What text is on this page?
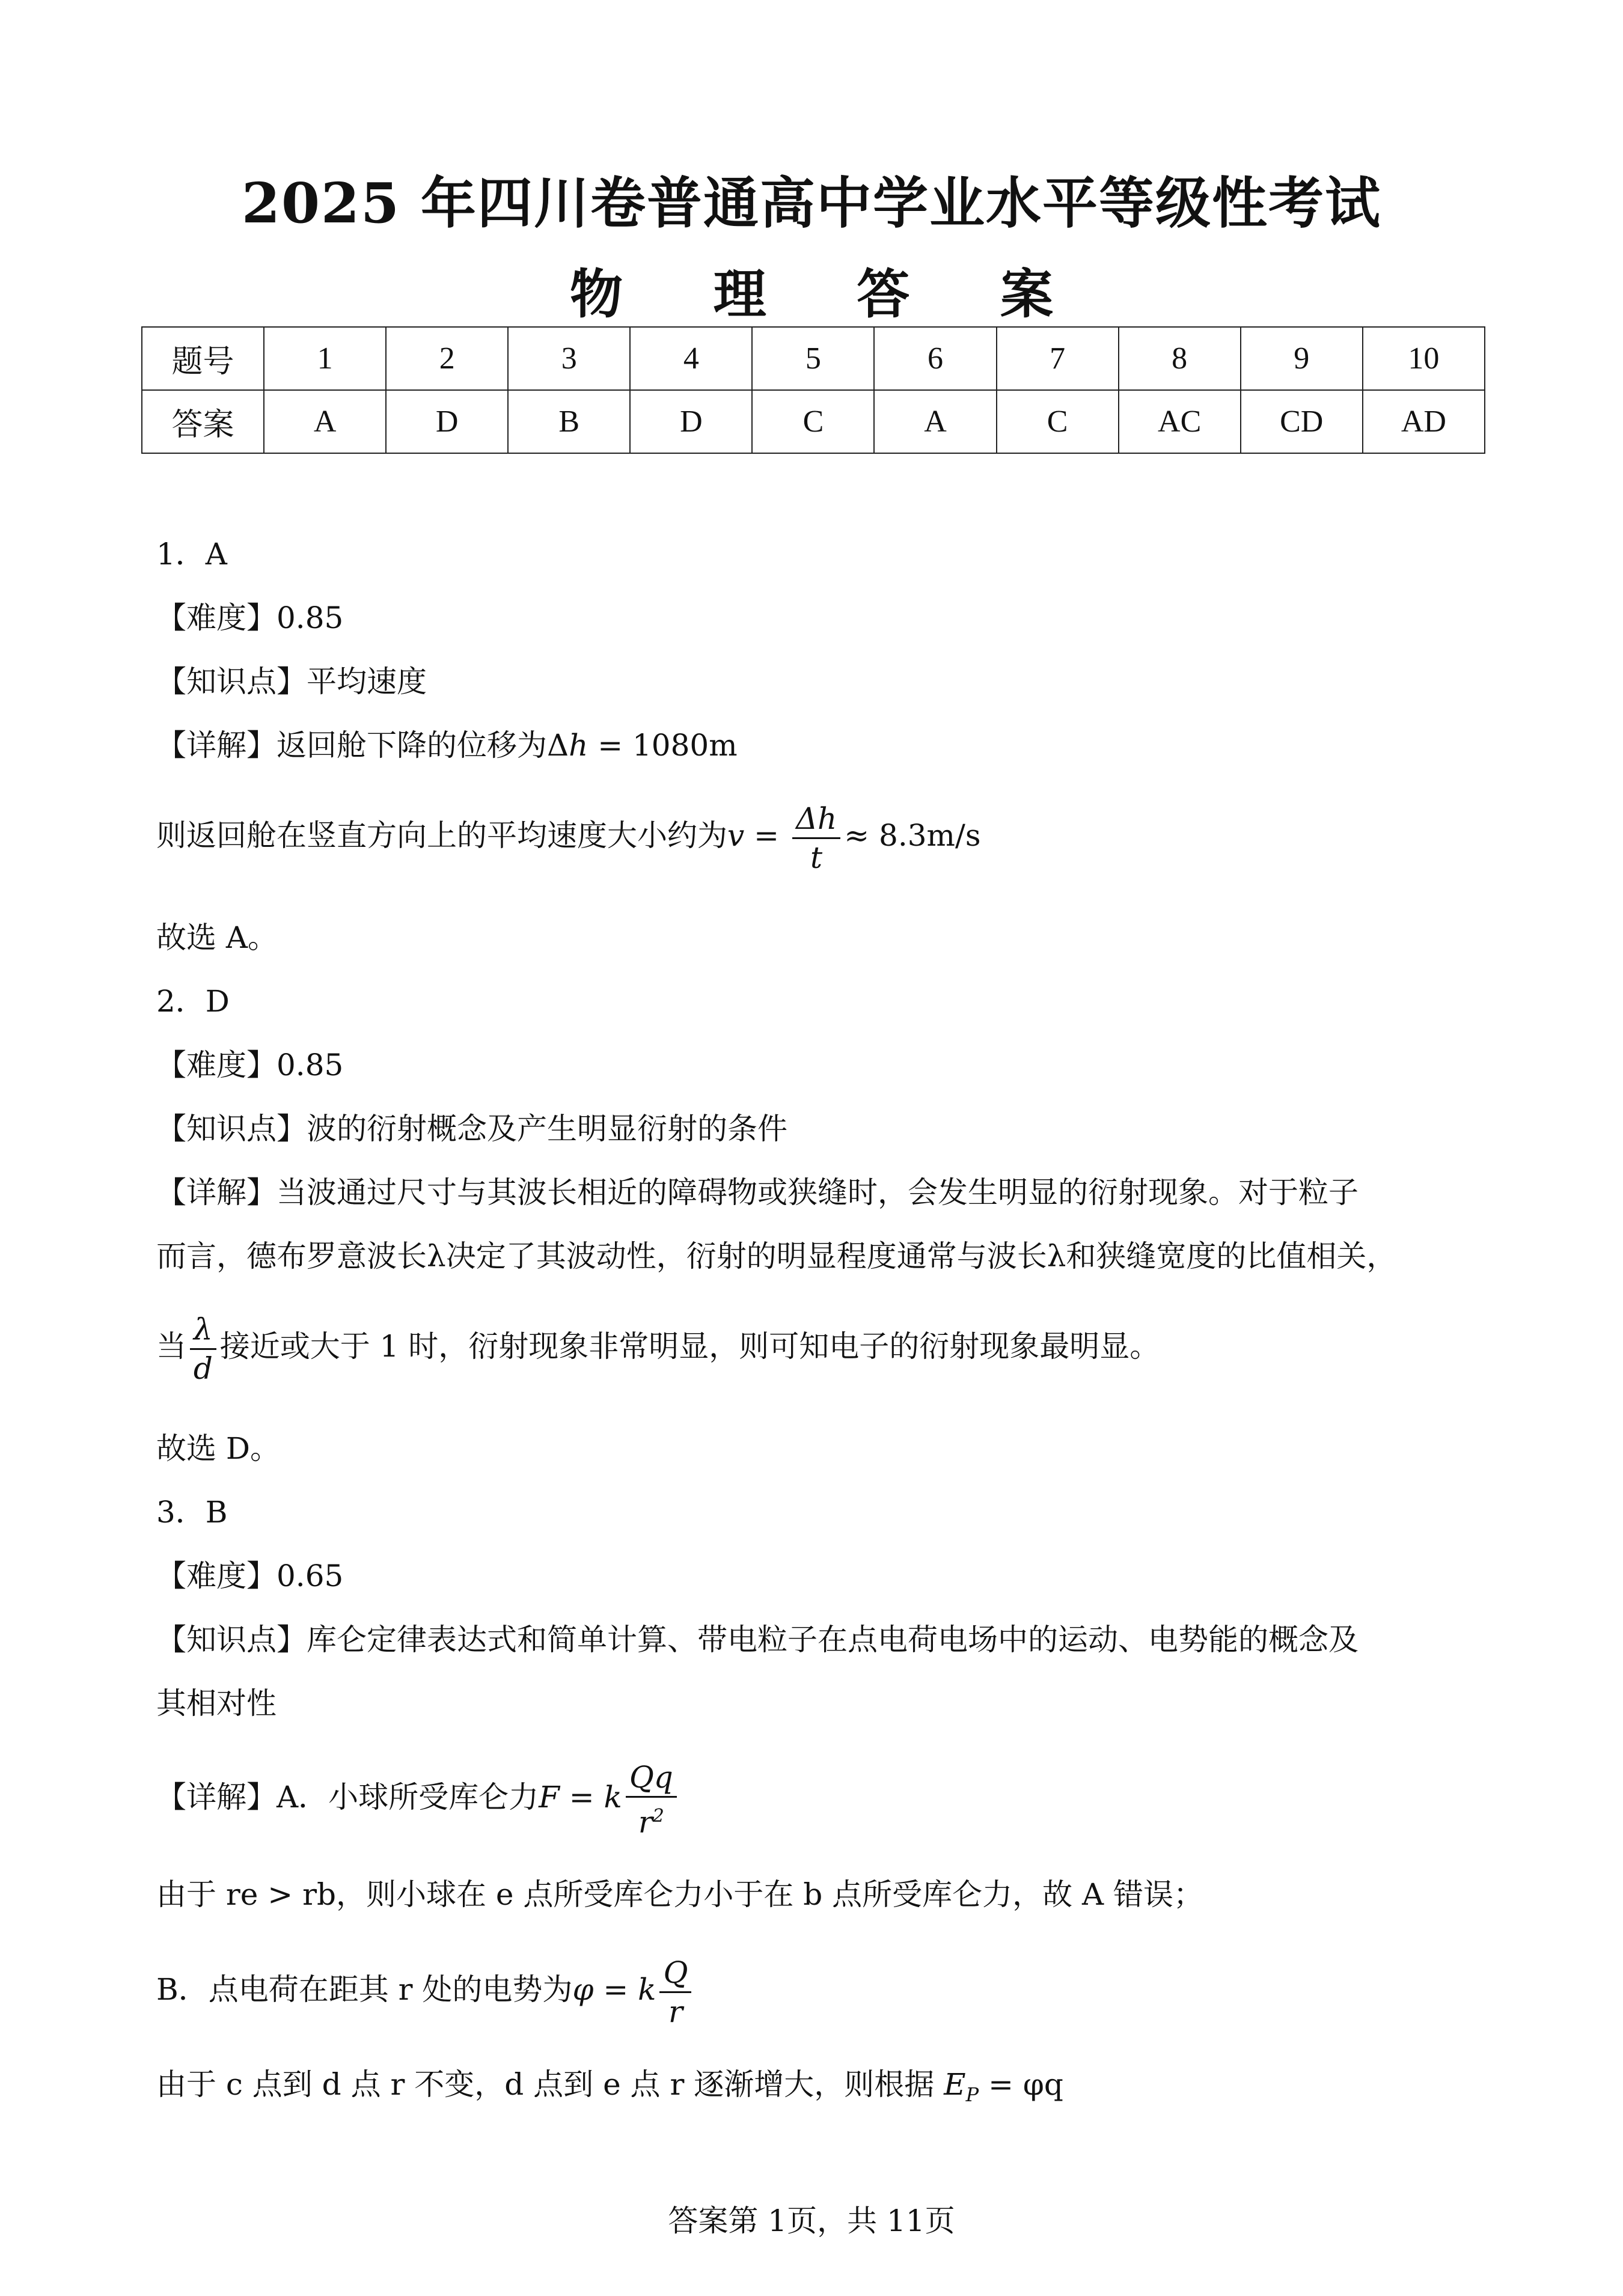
2025 年四川卷普通高中学业水平等级性考试
物 理 答 案
题号	1	2	3	4	5	6	7	8	9	10
答案	A	D	B	D	C	A	C	AC	CD	AD
1．A
【难度】0.85
【知识点】平均速度
【详解】返回舱下降的位移为Δh = 1080m
则返回舱在竖直方向上的平均速度大小约为$v = \frac{\Delta h}{t} \approx 8.3m/s$
故选 A。
2．D
【难度】0.85
【知识点】波的衍射概念及产生明显衍射的条件
【详解】当波通过尺寸与其波长相近的障碍物或狭缝时，会发生明显的衍射现象。对于粒子
而言，德布罗意波长λ决定了其波动性，衍射的明显程度通常与波长λ和狭缝宽度的比值相关，
当 $\frac{\lambda}{d}$ 接近或大于 1 时，衍射现象非常明显，则可知电子的衍射现象最明显。
故选 D。
3．B
【难度】0.65
【知识点】库仑定律表达式和简单计算、带电粒子在点电荷电场中的运动、电势能的概念及
其相对性
【详解】A．小球所受库仑力F = k $\frac{Qq}{r^2}$
由于 re > rb，则小球在 e 点所受库仑力小于在 b 点所受库仑力，故 A 错误；
B．点电荷在距其 r 处的电势为φ = k $\frac{Q}{r}$
由于 c 点到 d 点 r 不变，d 点到 e 点 r 逐渐增大，则根据 $E_P = \varphi q$
答案第 1页，共 11页
